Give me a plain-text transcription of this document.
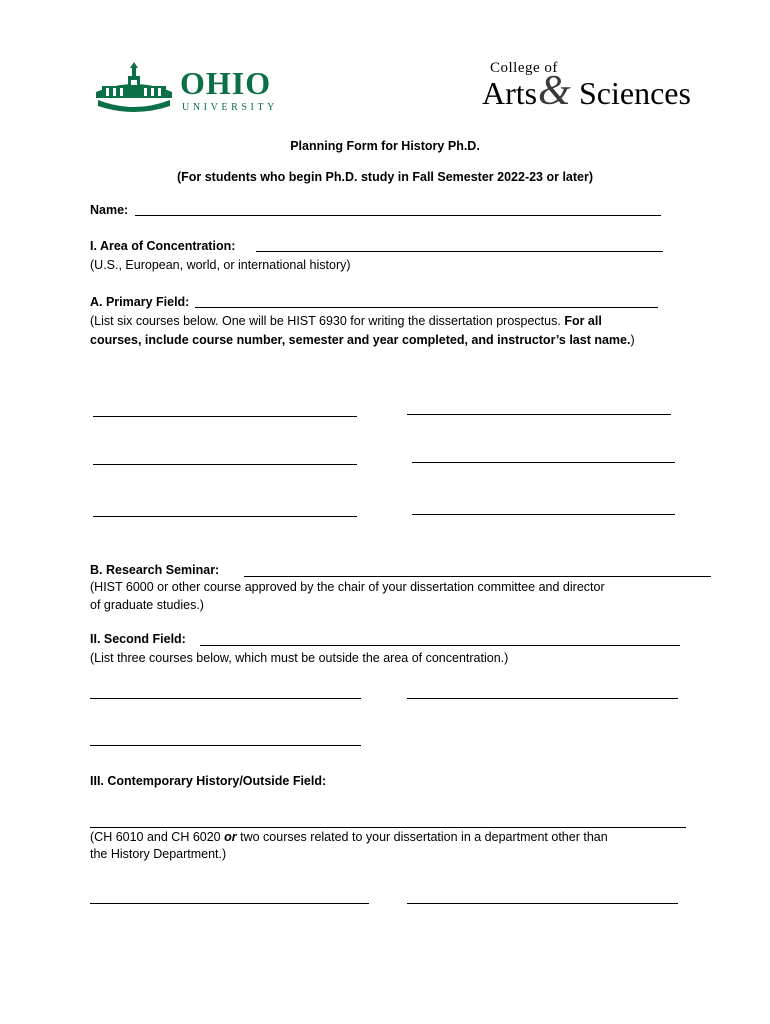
1804
OHIO
UNIVERSITY
College of
Arts & Sciences
Planning Form for History Ph.D.
(For students who begin Ph.D. study in Fall Semester 2022-23 or later)
Name:
I. Area of Concentration:
(U.S., European, world, or international history)
A. Primary Field:
(List six courses below. One will be HIST 6930 for writing the dissertation prospectus. For all
courses, include course number, semester and year completed, and instructor’s last name.)
B. Research Seminar:
(HIST 6000 or other course approved by the chair of your dissertation committee and director
of graduate studies.)
II. Second Field:
(List three courses below, which must be outside the area of concentration.)
III. Contemporary History/Outside Field:
(CH 6010 and CH 6020 or two courses related to your dissertation in a department other than
the History Department.)
